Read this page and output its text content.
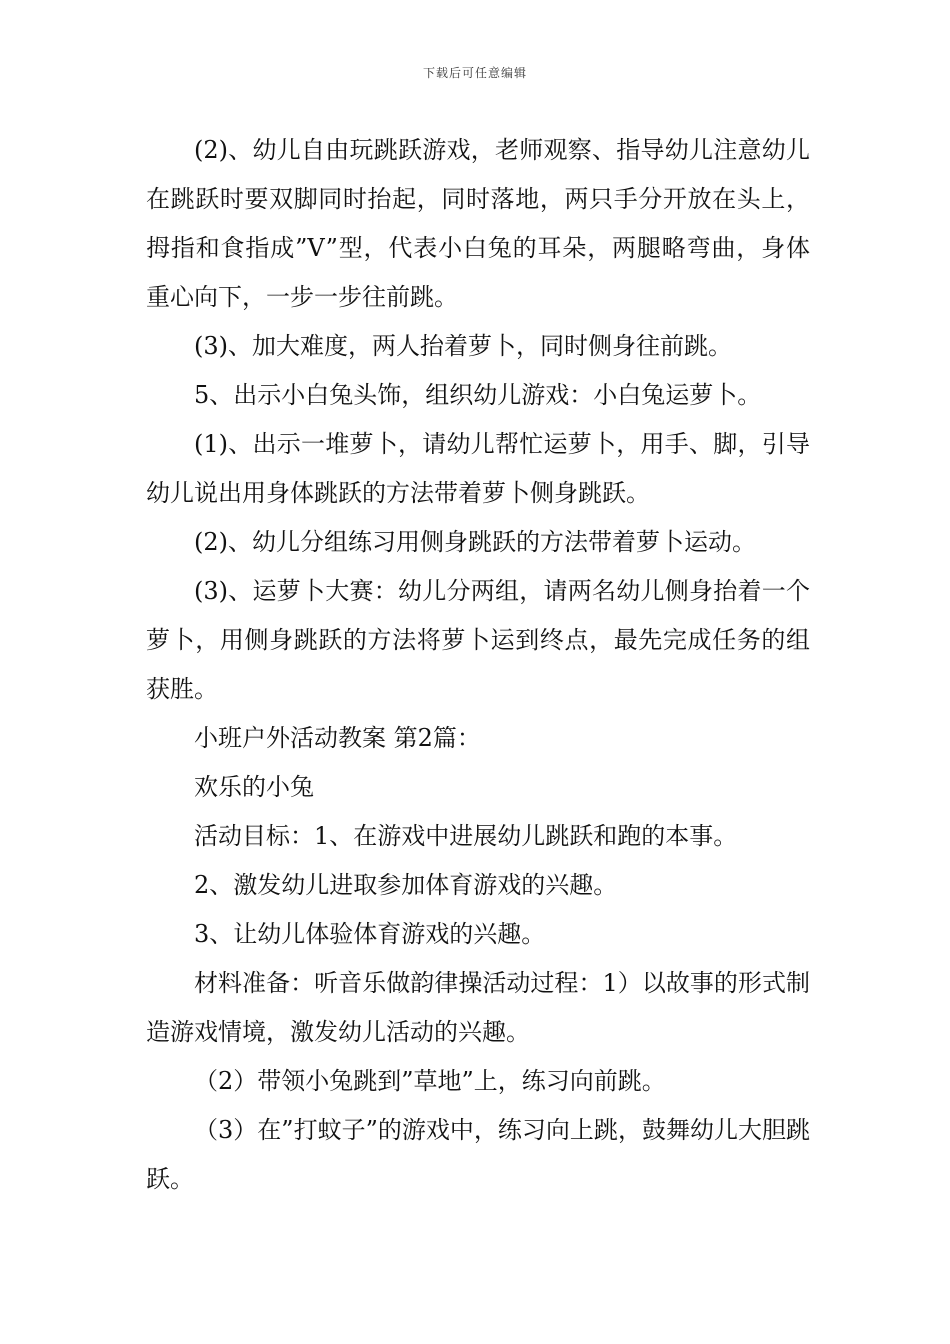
下载后可任意编辑

(2)、幼儿自由玩跳跃游戏，老师观察、指导幼儿注意幼儿在跳跃时要双脚同时抬起，同时落地，两只手分开放在头上，拇指和食指成”V”型，代表小白兔的耳朵，两腿略弯曲，身体重心向下，一步一步往前跳。

(3)、加大难度，两人抬着萝卜，同时侧身往前跳。

5、出示小白兔头饰，组织幼儿游戏：小白兔运萝卜。

(1)、出示一堆萝卜，请幼儿帮忙运萝卜，用手、脚，引导幼儿说出用身体跳跃的方法带着萝卜侧身跳跃。

(2)、幼儿分组练习用侧身跳跃的方法带着萝卜运动。

(3)、运萝卜大赛：幼儿分两组，请两名幼儿侧身抬着一个萝卜，用侧身跳跃的方法将萝卜运到终点，最先完成任务的组获胜。

小班户外活动教案 第2篇：

欢乐的小兔

活动目标：1、在游戏中进展幼儿跳跃和跑的本事。

2、激发幼儿进取参加体育游戏的兴趣。

3、让幼儿体验体育游戏的兴趣。

材料准备：听音乐做韵律操活动过程：1）以故事的形式制造游戏情境，激发幼儿活动的兴趣。

（2）带领小兔跳到”草地”上，练习向前跳。

（3）在”打蚊子”的游戏中，练习向上跳，鼓舞幼儿大胆跳跃。
